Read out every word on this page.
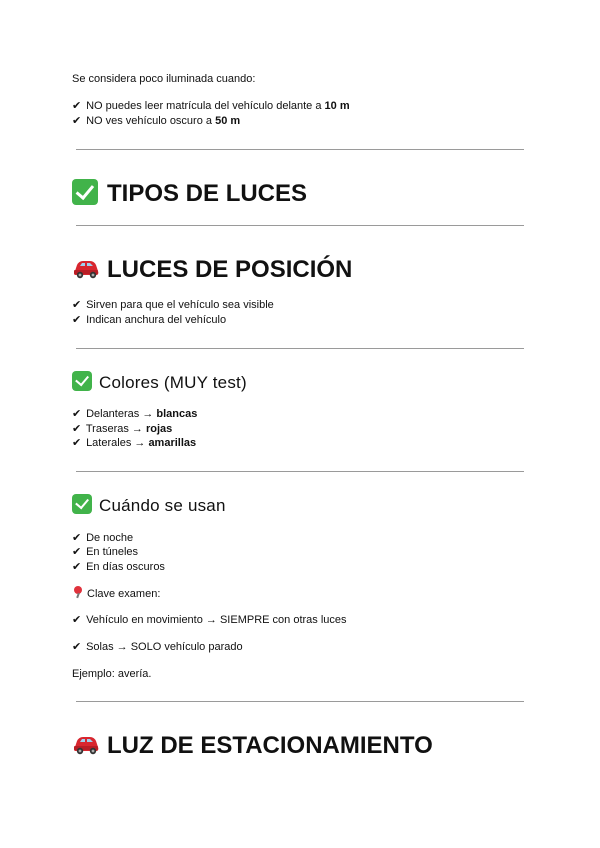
Se considera poco iluminada cuando:
✔ NO puedes leer matrícula del vehículo delante a 10 m
✔ NO ves vehículo oscuro a 50 m
TIPOS DE LUCES
LUCES DE POSICIÓN
✔ Sirven para que el vehículo sea visible
✔ Indican anchura del vehículo
Colores (MUY test)
✔ Delanteras → blancas
✔ Traseras → rojas
✔ Laterales → amarillas
Cuándo se usan
✔ De noche
✔ En túneles
✔ En días oscuros
Clave examen:
✔ Vehículo en movimiento → SIEMPRE con otras luces
✔ Solas → SOLO vehículo parado
Ejemplo: avería.
LUZ DE ESTACIONAMIENTO
